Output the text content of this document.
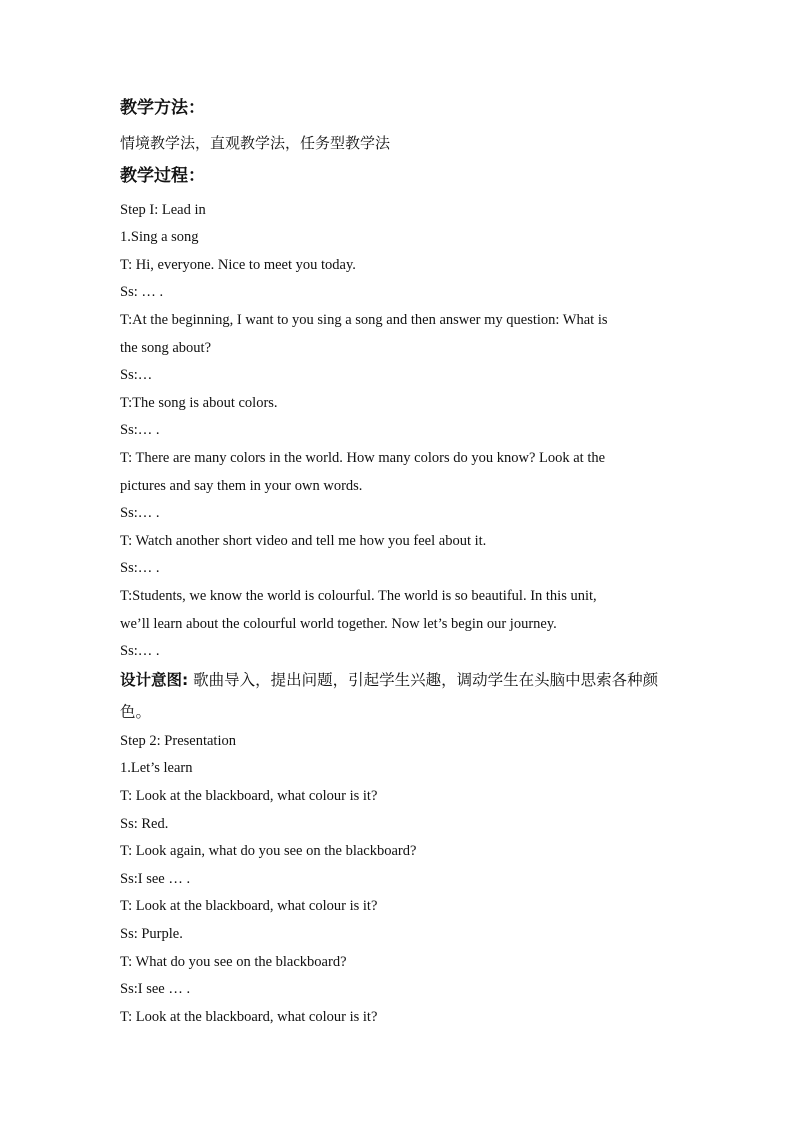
教学方法：
情境教学法，直观教学法，任务型教学法
教学过程：
Step I: Lead in
1.Sing a song
T: Hi, everyone. Nice to meet you today.
Ss: … .
T:At the beginning, I want to you sing a song and then answer my question: What is
the song about?
Ss:…
T:The song is about colors.
Ss:… .
T: There are many colors in the world. How many colors do you know? Look at the
pictures and say them in your own words.
Ss:… .
T: Watch another short video and tell me how you feel about it.
Ss:… .
T:Students, we know the world is colourful. The world is so beautiful. In this unit,
we’ll learn about the colourful world together. Now let’s begin our journey.
Ss:… .
设计意图: 歌曲导入，提出问题，引起学生兴趣，调动学生在头脑中思索各种颜色。
Step 2: Presentation
1.Let’s learn
T: Look at the blackboard, what colour is it?
Ss: Red.
T: Look again, what do you see on the blackboard?
Ss:I see … .
T: Look at the blackboard, what colour is it?
Ss: Purple.
T: What do you see on the blackboard?
Ss:I see … .
T: Look at the blackboard, what colour is it?
